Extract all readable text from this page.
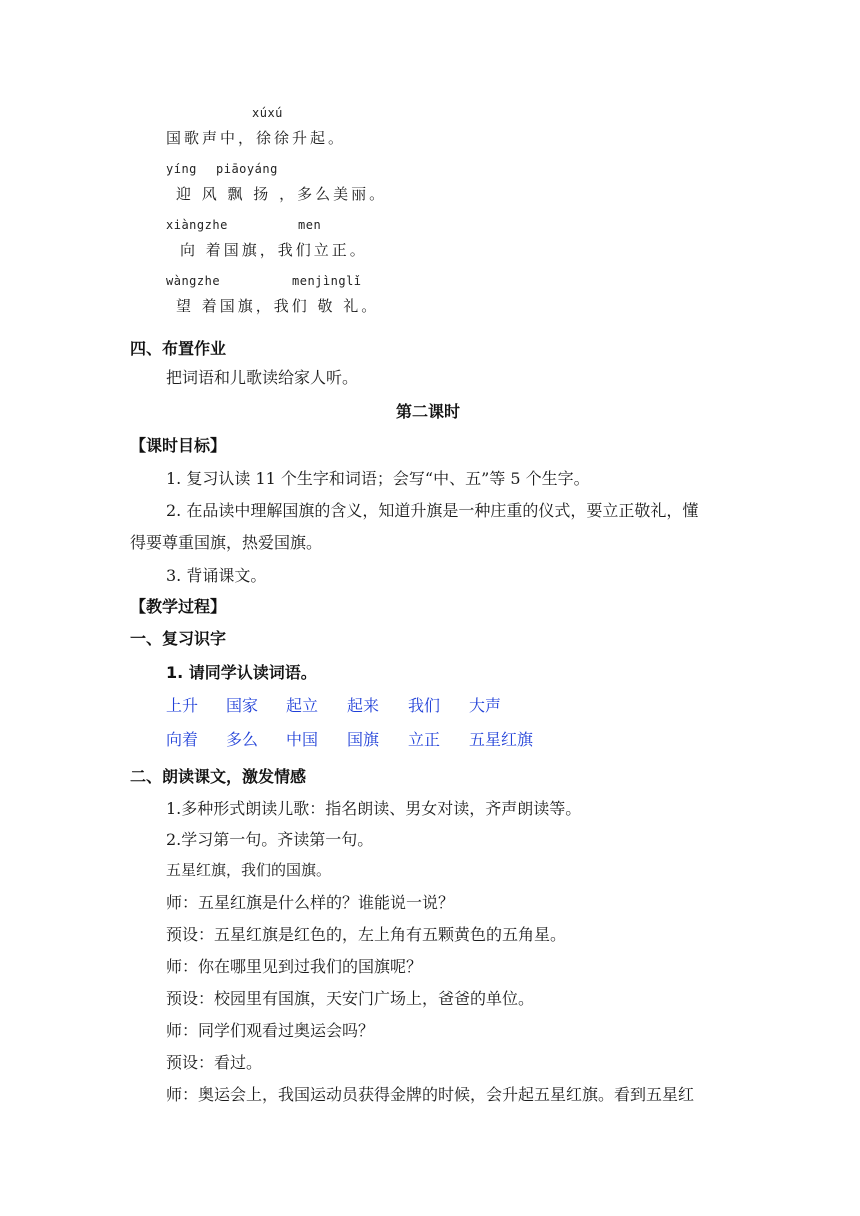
xúxú
国歌声中，徐徐升起。
yíng piāoyáng
迎 风 飘 扬 ，多么美丽。
xiàngzhe	men
向 着国旗，我们立正。
wàngzhe	menjìnglǐ
望 着国旗，我们 敬 礼。
四、布置作业
把词语和儿歌读给家人听。
第二课时
【课时目标】
1. 复习认读 11 个生字和词语；会写“中、五”等 5 个生字。
2. 在品读中理解国旗的含义，知道升旗是一种庄重的仪式，要立正敬礼，懂
得要尊重国旗，热爱国旗。
3. 背诵课文。
【教学过程】
一、复习识字
1. 请同学认读词语。
上升 国家 起立 起来 我们 大声
向着 多么 中国 国旗 立正 五星红旗
二、朗读课文，激发情感
1.多种形式朗读儿歌：指名朗读、男女对读，齐声朗读等。
2.学习第一句。齐读第一句。
五星红旗，我们的国旗。
师：五星红旗是什么样的？谁能说一说？
预设：五星红旗是红色的，左上角有五颗黄色的五角星。
师：你在哪里见到过我们的国旗呢？
预设：校园里有国旗，天安门广场上，爸爸的单位。
师：同学们观看过奥运会吗？
预设：看过。
师：奥运会上，我国运动员获得金牌的时候，会升起五星红旗。看到五星红
